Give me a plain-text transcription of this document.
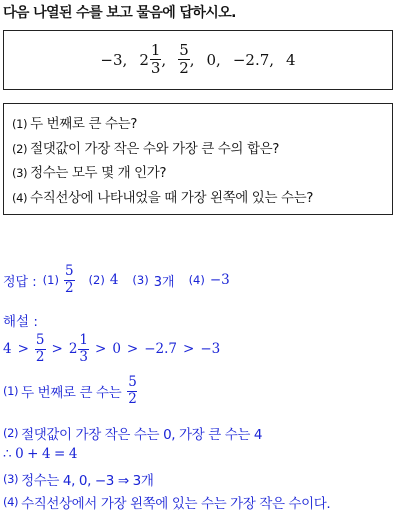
다음 나열된 수를 보고 물음에 답하시오.
−3, $2 \frac{1}{3}$ , $\frac{5}{2}$ , 0, −2.7, 4
(1) 두 번째로 큰 수는?
(2) 절댓값이 가장 작은 수와 가장 큰 수의 합은?
(3) 정수는 모두 몇 개 인가?
(4) 수직선상에 나타내었을 때 가장 왼쪽에 있는 수는?
정답 : $(1) \frac{5}{2} (2)$ 4 (3) 3개 (4) −3
해설 :
$4 > \frac{5}{2} > 2 \frac{1}{3} > 0 > -2.7 > -3$
(1) 두 번째로 큰 수는 $\frac{5}{2}$
(2) 절댓값이 가장 작은 수는 0, 가장 큰 수는 4
∴ 0 + 4 = 4
(3) 정수는 4, 0, −3 ⇒ 3개
(4) 수직선상에서 가장 왼쪽에 있는 수는 가장 작은 수이다.
